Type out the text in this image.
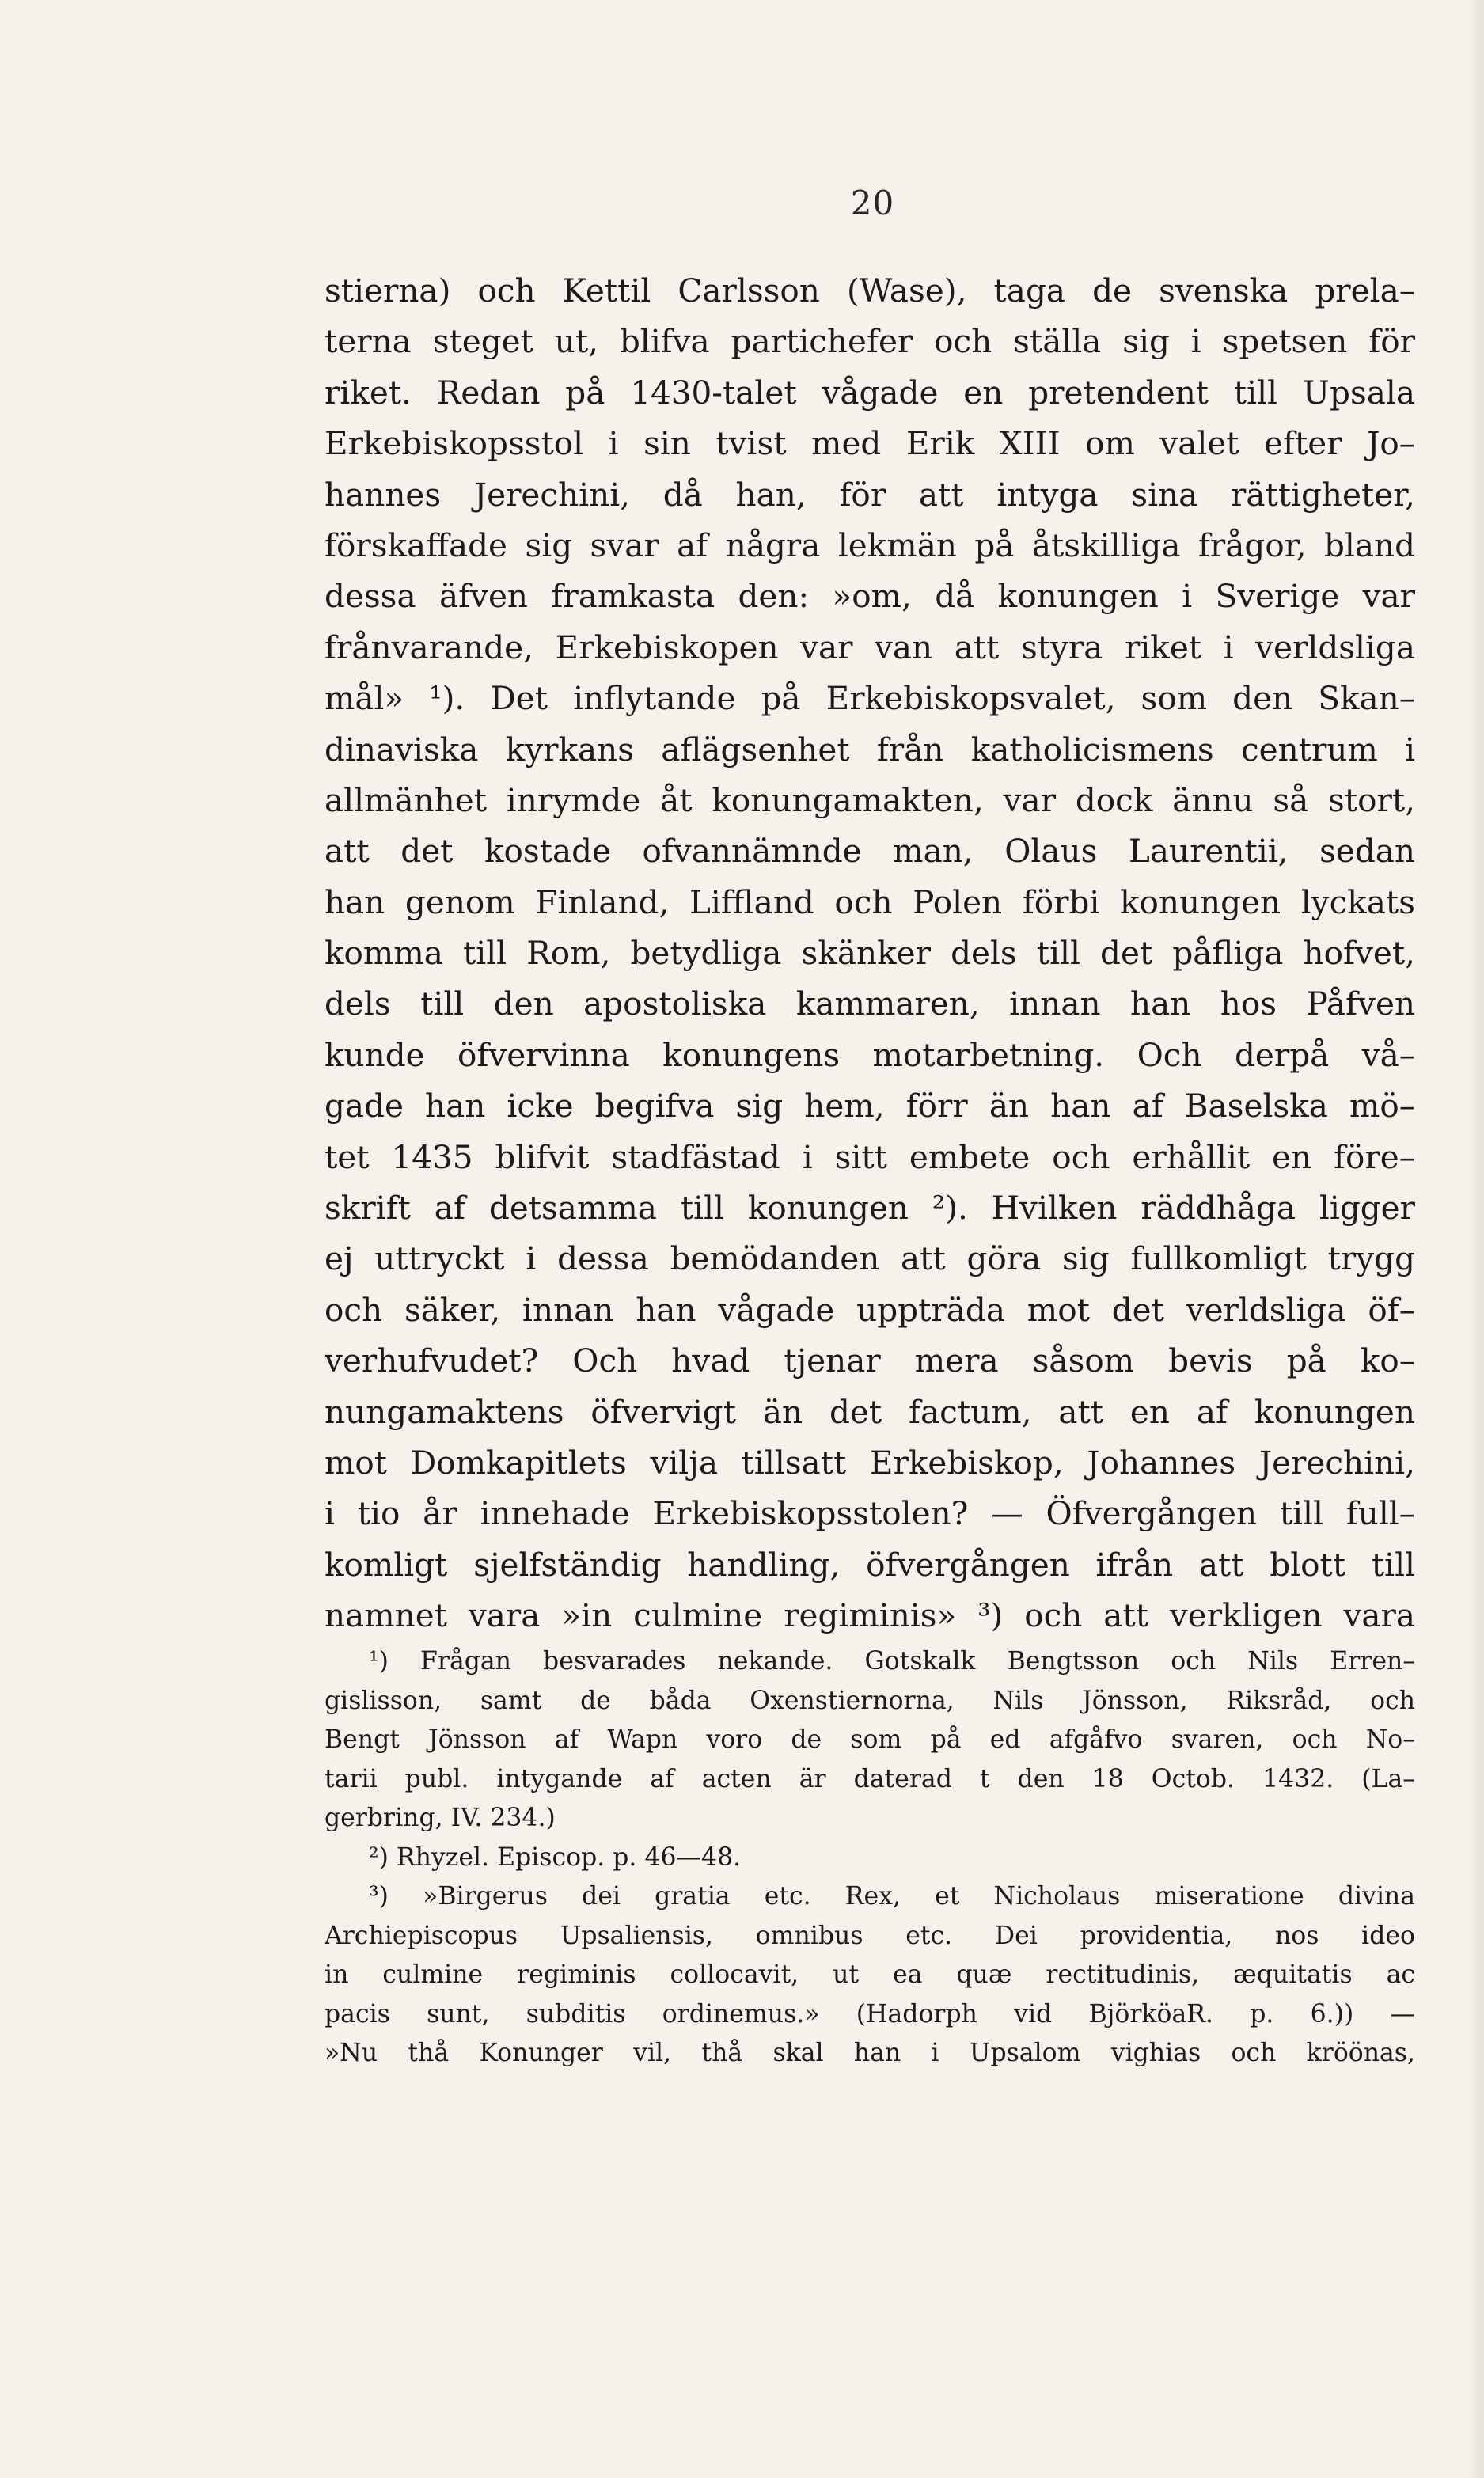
20
stierna) och Kettil Carlsson (Wase), taga de svenska prela–
terna steget ut, blifva partichefer och ställa sig i spetsen för
riket. Redan på 1430-talet vågade en pretendent till Upsala
Erkebiskopsstol i sin tvist med Erik XIII om valet efter Jo–
hannes Jerechini, då han, för att intyga sina rättigheter,
förskaffade sig svar af några lekmän på åtskilliga frågor, bland
dessa äfven framkasta den: »om, då konungen i Sverige var
frånvarande, Erkebiskopen var van att styra riket i verldsliga
mål» ¹). Det inflytande på Erkebiskopsvalet, som den Skan–
dinaviska kyrkans aflägsenhet från katholicismens centrum i
allmänhet inrymde åt konungamakten, var dock ännu så stort,
att det kostade ofvannämnde man, Olaus Laurentii, sedan
han genom Finland, Liffland och Polen förbi konungen lyckats
komma till Rom, betydliga skänker dels till det påfliga hofvet,
dels till den apostoliska kammaren, innan han hos Påfven
kunde öfvervinna konungens motarbetning. Och derpå vå–
gade han icke begifva sig hem, förr än han af Baselska mö–
tet 1435 blifvit stadfästad i sitt embete och erhållit en före–
skrift af detsamma till konungen ²). Hvilken räddhåga ligger
ej uttryckt i dessa bemödanden att göra sig fullkomligt trygg
och säker, innan han vågade uppträda mot det verldsliga öf–
verhufvudet? Och hvad tjenar mera såsom bevis på ko–
nungamaktens öfvervigt än det factum, att en af konungen
mot Domkapitlets vilja tillsatt Erkebiskop, Johannes Jerechini,
i tio år innehade Erkebiskopsstolen? — Öfvergången till full–
komligt sjelfständig handling, öfvergången ifrån att blott till
namnet vara »in culmine regiminis» ³) och att verkligen vara
¹) Frågan besvarades nekande. Gotskalk Bengtsson och Nils Erren–
gislisson, samt de båda Oxenstiernorna, Nils Jönsson, Riksråd, och
Bengt Jönsson af Wapn voro de som på ed afgåfvo svaren, och No–
tarii publ. intygande af acten är daterad t den 18 Octob. 1432. (La–
gerbring, IV. 234.)
²) Rhyzel. Episcop. p. 46—48.
³) »Birgerus dei gratia etc. Rex, et Nicholaus miseratione divina
Archiepiscopus Upsaliensis, omnibus etc. Dei providentia, nos ideo
in culmine regiminis collocavit, ut ea quæ rectitudinis, æquitatis ac
pacis sunt, subditis ordinemus.» (Hadorph vid BjörköaR. p. 6.)) —
»Nu thå Konunger vil, thå skal han i Upsalom vighias och kröönas,
